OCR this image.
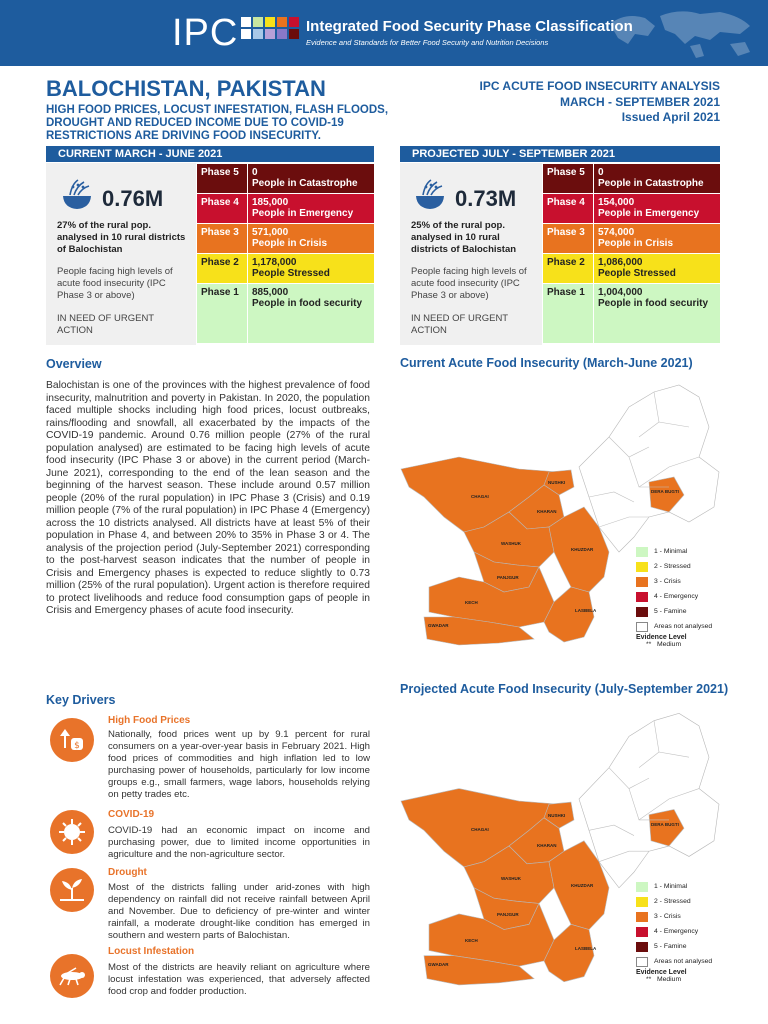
IPC	Integrated Food Security Phase Classification
Evidence and Standards for Better Food Security and Nutrition Decisions
BALOCHISTAN, PAKISTAN
HIGH FOOD PRICES, LOCUST INFESTATION, FLASH FLOODS, DROUGHT AND REDUCED INCOME DUE TO COVID-19 RESTRICTIONS ARE DRIVING FOOD INSECURITY.
IPC ACUTE FOOD INSECURITY ANALYSIS
MARCH - SEPTEMBER 2021
Issued April 2021
CURRENT MARCH - JUNE 2021
0.76M
27% of the rural pop. analysed in 10 rural districts of Balochistan
People facing high levels of acute food insecurity (IPC Phase 3 or above)
IN NEED OF URGENT ACTION
Phase 5	0
People in Catastrophe
Phase 4	185,000
People in Emergency
Phase 3	571,000
People in Crisis
Phase 2	1,178,000
People Stressed
Phase 1	885,000
People in food security
PROJECTED JULY - SEPTEMBER 2021
0.73M
25% of the rural pop. analysed in 10 rural districts of Balochistan
People facing high levels of acute food insecurity (IPC Phase 3 or above)
IN NEED OF URGENT ACTION
Phase 5	0
People in Catastrophe
Phase 4	154,000
People in Emergency
Phase 3	574,000
People in Crisis
Phase 2	1,086,000
People Stressed
Phase 1	1,004,000
People in food security
Overview
Balochistan is one of the provinces with the highest prevalence of food insecurity, malnutrition and poverty in Pakistan. In 2020, the population faced multiple shocks including high food prices, locust outbreaks, rains/flooding and snowfall, all exacerbated by the impacts of the COVID-19 pandemic. Around 0.76 million people (27% of the rural population analysed) are estimated to be facing high levels of acute food insecurity (IPC Phase 3 or above) in the current period (March-June 2021), corresponding to the end of the lean season and the beginning of the harvest season. These include around 0.57 million people (20% of the rural population) in IPC Phase 3 (Crisis) and 0.19 million people (7% of the rural population) in IPC Phase 4 (Emergency) across the 10 districts analysed. All districts have at least 5% of their population in Phase 4, and between 20% to 35% in Phase 3 or 4. The analysis of the projection period (July-September 2021) corresponding to the post-harvest season indicates that the number of people in Crisis and Emergency phases is expected to reduce slightly to 0.73 million (25% of the rural population). Urgent action is therefore required to protect livelihoods and reduce food consumption gaps of people in Crisis and Emergency phases of acute food insecurity.
Key Drivers
$
High Food Prices
Nationally, food prices went up by 9.1 percent for rural consumers on a year-over-year basis in February 2021. High food prices of commodities and high inflation led to low purchasing power of households, particularly for low income groups e.g., small farmers, wage labors, households relying on petty trades etc.
COVID-19
COVID-19 had an economic impact on income and purchasing power, due to limited income opportunities in agriculture and the non-agriculture sector.
Drought
Most of the districts falling under arid-zones with high dependency on rainfall did not receive rainfall between April and November. Due to deficiency of pre-winter and winter rainfall, a moderate drought-like condition has emerged in southern and western parts of Balochistan.
Locust Infestation
Most of the districts are heavily reliant on agriculture where locust infestation was experienced, that adversely affected food crop and fodder production.
Current Acute Food Insecurity (March-June 2021)
Projected Acute Food Insecurity (July-September 2021)
NUSHKI
CHAGAI
KHARAN
DERA BUGTI
WASHUK
KHUZDAR
PANJGUR
KECH
LASBELA
GWADAR
1 - Minimal
2 - Stressed
3 - Crisis
4 - Emergency
5 - Famine
Areas not analysed
Evidence Level
**   Medium
NUSHKI
CHAGAI
KHARAN
DERA BUGTI
WASHUK
KHUZDAR
PANJGUR
KECH
LASBELA
GWADAR
1 - Minimal
2 - Stressed
3 - Crisis
4 - Emergency
5 - Famine
Areas not analysed
Evidence Level
**   Medium
